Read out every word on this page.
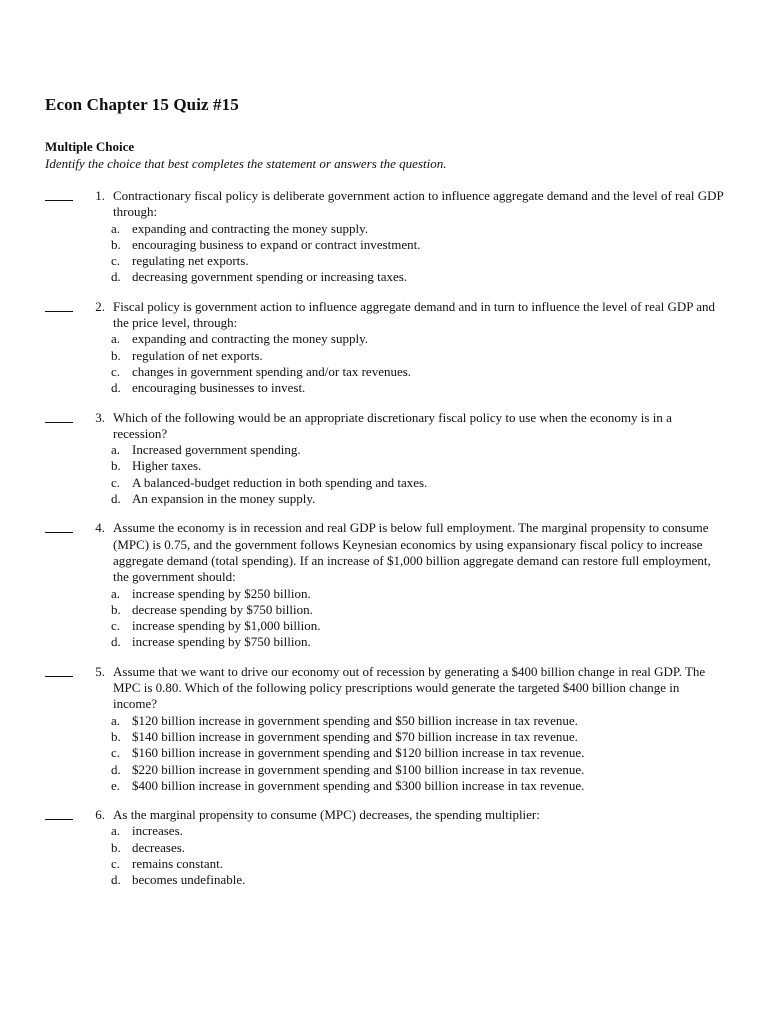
Econ Chapter 15 Quiz #15
Multiple Choice
Identify the choice that best completes the statement or answers the question.
1. Contractionary fiscal policy is deliberate government action to influence aggregate demand and the level of real GDP through:
a. expanding and contracting the money supply.
b. encouraging business to expand or contract investment.
c. regulating net exports.
d. decreasing government spending or increasing taxes.
2. Fiscal policy is government action to influence aggregate demand and in turn to influence the level of real GDP and the price level, through:
a. expanding and contracting the money supply.
b. regulation of net exports.
c. changes in government spending and/or tax revenues.
d. encouraging businesses to invest.
3. Which of the following would be an appropriate discretionary fiscal policy to use when the economy is in a recession?
a. Increased government spending.
b. Higher taxes.
c. A balanced-budget reduction in both spending and taxes.
d. An expansion in the money supply.
4. Assume the economy is in recession and real GDP is below full employment. The marginal propensity to consume (MPC) is 0.75, and the government follows Keynesian economics by using expansionary fiscal policy to increase aggregate demand (total spending). If an increase of $1,000 billion aggregate demand can restore full employment, the government should:
a. increase spending by $250 billion.
b. decrease spending by $750 billion.
c. increase spending by $1,000 billion.
d. increase spending by $750 billion.
5. Assume that we want to drive our economy out of recession by generating a $400 billion change in real GDP. The MPC is 0.80. Which of the following policy prescriptions would generate the targeted $400 billion change in income?
a. $120 billion increase in government spending and $50 billion increase in tax revenue.
b. $140 billion increase in government spending and $70 billion increase in tax revenue.
c. $160 billion increase in government spending and $120 billion increase in tax revenue.
d. $220 billion increase in government spending and $100 billion increase in tax revenue.
e. $400 billion increase in government spending and $300 billion increase in tax revenue.
6. As the marginal propensity to consume (MPC) decreases, the spending multiplier:
a. increases.
b. decreases.
c. remains constant.
d. becomes undefinable.
